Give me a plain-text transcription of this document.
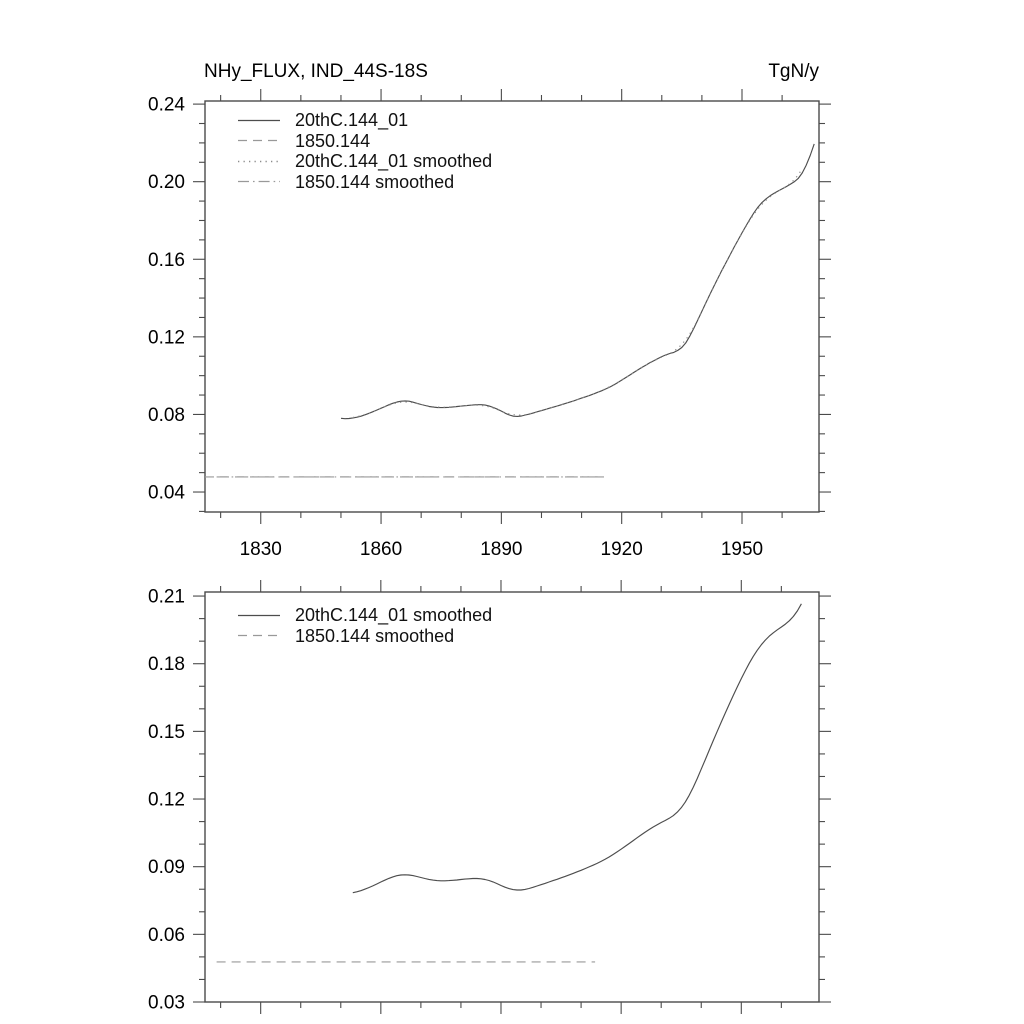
1830	1860	1890	1920	1950
0.04
0.08
0.12
0.16
0.20
0.24
0.03
0.06
0.09
0.12
0.15
0.18
0.21
NHy_FLUX, IND_44S-18S	TgN/y
20thC.144_01
1850.144
20thC.144_01 smoothed
1850.144 smoothed
20thC.144_01 smoothed
1850.144 smoothed
